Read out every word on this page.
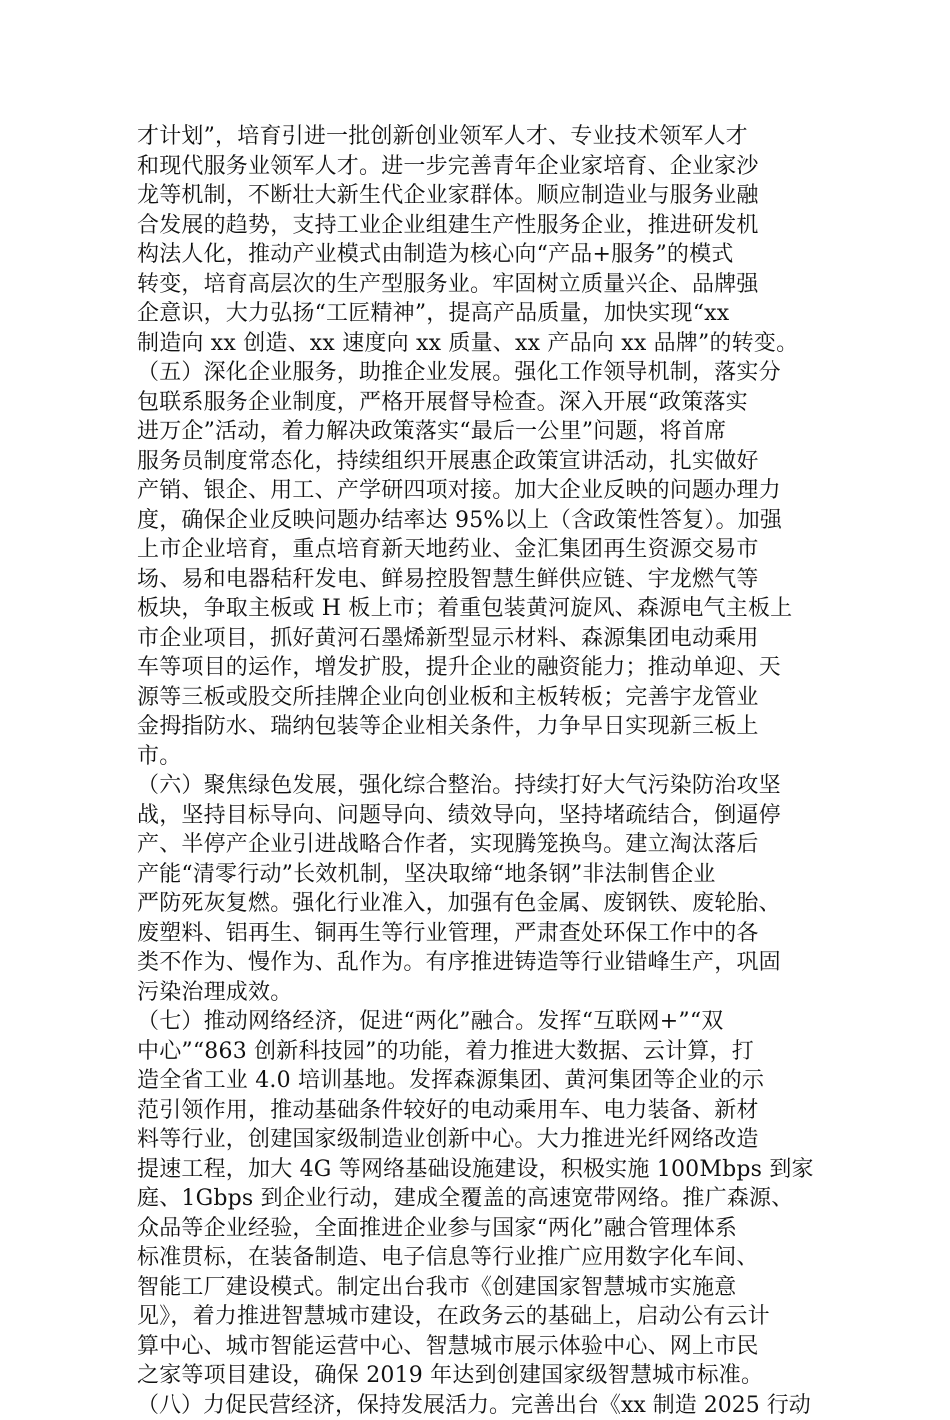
才计划”，培育引进一批创新创业领军人才、专业技术领军人才
和现代服务业领军人才。进一步完善青年企业家培育、企业家沙
龙等机制，不断壮大新生代企业家群体。顺应制造业与服务业融
合发展的趋势，支持工业企业组建生产性服务企业，推进研发机
构法人化，推动产业模式由制造为核心向“产品+服务”的模式
转变，培育高层次的生产型服务业。牢固树立质量兴企、品牌强
企意识，大力弘扬“工匠精神”，提高产品质量，加快实现“xx
制造向 xx 创造、xx 速度向 xx 质量、xx 产品向 xx 品牌”的转变。
（五）深化企业服务，助推企业发展。强化工作领导机制，落实分
包联系服务企业制度，严格开展督导检查。深入开展“政策落实
进万企”活动，着力解决政策落实“最后一公里”问题，将首席
服务员制度常态化，持续组织开展惠企政策宣讲活动，扎实做好
产销、银企、用工、产学研四项对接。加大企业反映的问题办理力
度，确保企业反映问题办结率达 95%以上（含政策性答复）。加强
上市企业培育，重点培育新天地药业、金汇集团再生资源交易市
场、易和电器秸秆发电、鲜易控股智慧生鲜供应链、宇龙燃气等
板块，争取主板或 H 板上市；着重包装黄河旋风、森源电气主板上
市企业项目，抓好黄河石墨烯新型显示材料、森源集团电动乘用
车等项目的运作，增发扩股，提升企业的融资能力；推动单迎、天
源等三板或股交所挂牌企业向创业板和主板转板；完善宇龙管业
金拇指防水、瑞纳包装等企业相关条件，力争早日实现新三板上
市。
（六）聚焦绿色发展，强化综合整治。持续打好大气污染防治攻坚
战，坚持目标导向、问题导向、绩效导向，坚持堵疏结合，倒逼停
产、半停产企业引进战略合作者，实现腾笼换鸟。建立淘汰落后
产能“清零行动”长效机制，坚决取缔“地条钢”非法制售企业
严防死灰复燃。强化行业准入，加强有色金属、废钢铁、废轮胎、
废塑料、铝再生、铜再生等行业管理，严肃查处环保工作中的各
类不作为、慢作为、乱作为。有序推进铸造等行业错峰生产，巩固
污染治理成效。
（七）推动网络经济，促进“两化”融合。发挥“互联网+”“双
中心”“863 创新科技园”的功能，着力推进大数据、云计算，打
造全省工业 4.0 培训基地。发挥森源集团、黄河集团等企业的示
范引领作用，推动基础条件较好的电动乘用车、电力装备、新材
料等行业，创建国家级制造业创新中心。大力推进光纤网络改造
提速工程，加大 4G 等网络基础设施建设，积极实施 100Mbps 到家
庭、1Gbps 到企业行动，建成全覆盖的高速宽带网络。推广森源、
众品等企业经验，全面推进企业参与国家“两化”融合管理体系
标准贯标，在装备制造、电子信息等行业推广应用数字化车间、
智能工厂建设模式。制定出台我市《创建国家智慧城市实施意
见》，着力推进智慧城市建设，在政务云的基础上，启动公有云计
算中心、城市智能运营中心、智慧城市展示体验中心、网上市民
之家等项目建设，确保 2019 年达到创建国家级智慧城市标准。
（八）力促民营经济，保持发展活力。完善出台《xx 制造 2025 行动
